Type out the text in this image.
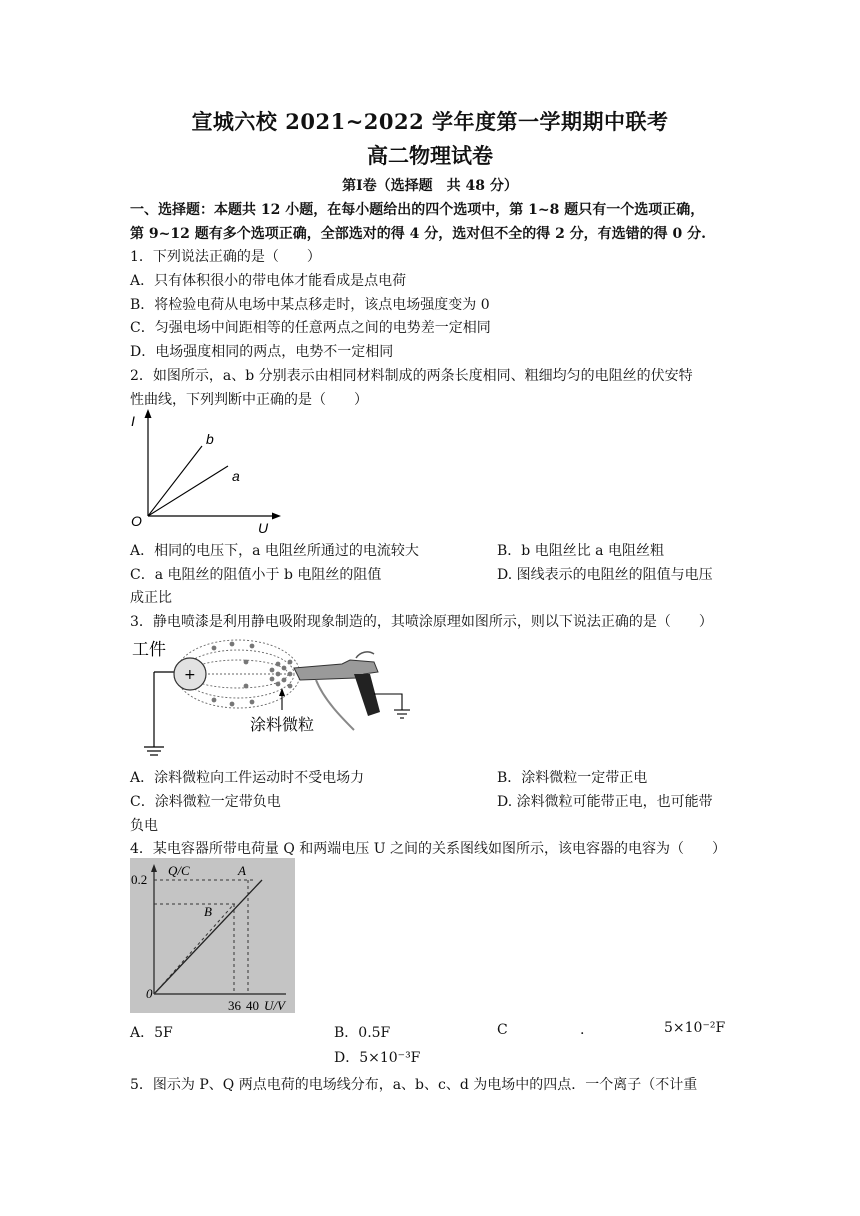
宣城六校 2021~2022 学年度第一学期期中联考
高二物理试卷
第Ⅰ卷（选择题　共 48 分）
一、选择题：本题共 12 小题，在每小题给出的四个选项中，第 1~8 题只有一个选项正确，
第 9~12 题有多个选项正确，全部选对的得 4 分，选对但不全的得 2 分，有选错的得 0 分.
1．下列说法正确的是（　　）
A．只有体积很小的带电体才能看成是点电荷
B．将检验电荷从电场中某点移走时，该点电场强度变为 0
C．匀强电场中间距相等的任意两点之间的电势差一定相同
D．电场强度相同的两点，电势不一定相同
2．如图所示，a、b 分别表示由相同材料制成的两条长度相同、粗细均匀的电阻丝的伏安特
性曲线，下列判断中正确的是（　　）
I
U
O
b
a
A．相同的电压下，a 电阻丝所通过的电流较大	B．b 电阻丝比 a 电阻丝粗
C．a 电阻丝的阻值小于 b 电阻丝的阻值	D. 图线表示的电阻丝的阻值与电压
成正比
3．静电喷漆是利用静电吸附现象制造的，其喷涂原理如图所示，则以下说法正确的是（　　）
工件
+
涂料微粒
A．涂料微粒向工件运动时不受电场力	B．涂料微粒一定带正电
C．涂料微粒一定带负电	D. 涂料微粒可能带正电，也可能带
负电
4．某电容器所带电荷量 Q 和两端电压 U 之间的关系图线如图所示，该电容器的电容为（　　）
0.2
Q/C	A
B
0
36 40 U/V
A．5F	B．0.5F	C	.	5×10⁻²F
D．5×10⁻³F
5．图示为 P、Q 两点电荷的电场线分布，a、b、c、d 为电场中的四点．一个离子（不计重
